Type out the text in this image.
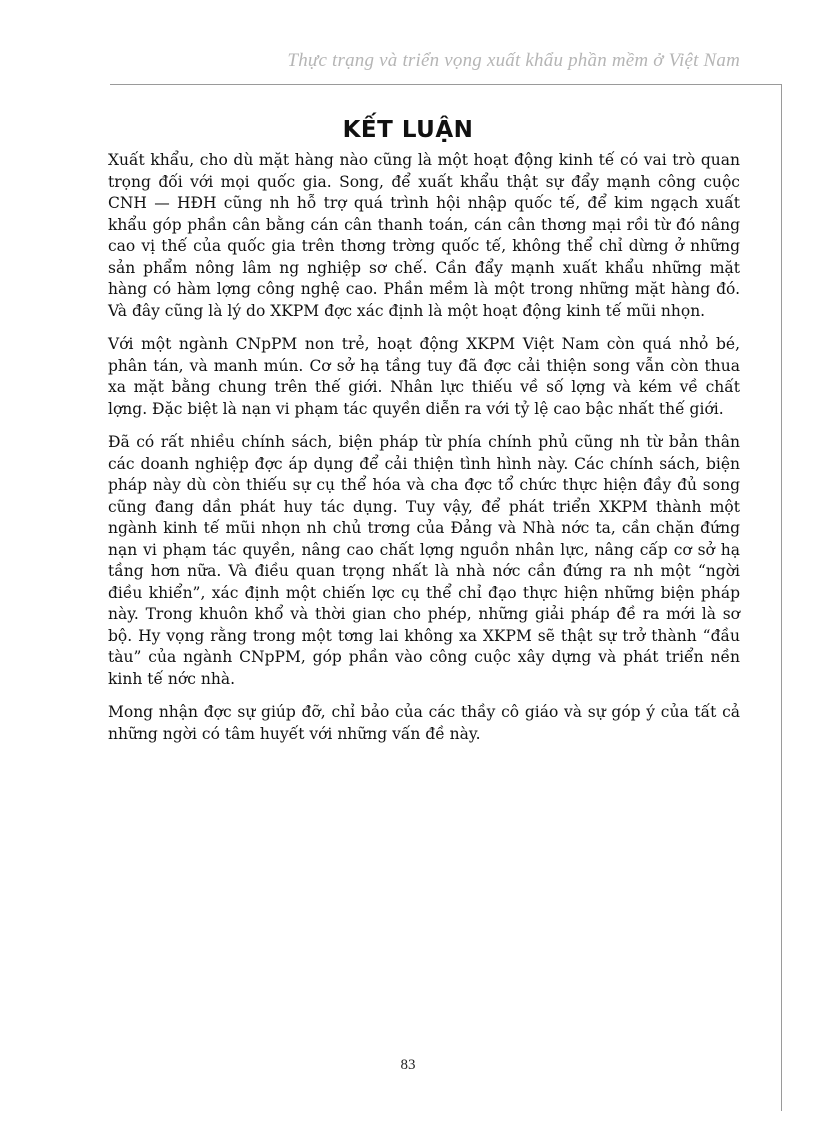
Thực trạng và triển vọng xuất khẩu phần mềm ở Việt Nam
KẾT LUẬN

Xuất khẩu, cho dù mặt hàng nào cũng là một hoạt động kinh tế có vai trò quan trọng đối với mọi quốc gia. Song, để xuất khẩu thật sự đẩy mạnh công cuộc CNH — HĐH cũng nh hỗ trợ quá trình hội nhập quốc tế, để kim ngạch xuất khẩu góp phần cân bằng cán cân thanh toán, cán cân thơng mại rồi từ đó nâng cao vị thế của quốc gia trên thơng trờng quốc tế, không thể chỉ dừng ở những sản phẩm nông lâm ng nghiệp sơ chế. Cần đẩy mạnh xuất khẩu những mặt hàng có hàm lợng công nghệ cao. Phần mềm là một trong những mặt hàng đó. Và đây cũng là lý do XKPM đợc xác định là một hoạt động kinh tế mũi nhọn.

Với một ngành CNpPM non trẻ, hoạt động XKPM Việt Nam còn quá nhỏ bé, phân tán, và manh mún. Cơ sở hạ tầng tuy đã đợc cải thiện song vẫn còn thua xa mặt bằng chung trên thế giới. Nhân lực thiếu về số lợng và kém về chất lợng. Đặc biệt là nạn vi phạm tác quyền diễn ra với tỷ lệ cao bậc nhất thế giới.

Đã có rất nhiều chính sách, biện pháp từ phía chính phủ cũng nh từ bản thân các doanh nghiệp đợc áp dụng để cải thiện tình hình này. Các chính sách, biện pháp này dù còn thiếu sự cụ thể hóa và cha đợc tổ chức thực hiện đầy đủ song cũng đang dần phát huy tác dụng. Tuy vậy, để phát triển XKPM thành một ngành kinh tế mũi nhọn nh chủ trơng của Đảng và Nhà nớc ta, cần chặn đứng nạn vi phạm tác quyền, nâng cao chất lợng nguồn nhân lực, nâng cấp cơ sở hạ tầng hơn nữa. Và điều quan trọng nhất là nhà nớc cần đứng ra nh một “ngời điều khiển”, xác định một chiến lợc cụ thể chỉ đạo thực hiện những biện pháp này. Trong khuôn khổ và thời gian cho phép, những giải pháp đề ra mới là sơ bộ. Hy vọng rằng trong một tơng lai không xa XKPM sẽ thật sự trở thành “đầu tàu” của ngành CNpPM, góp phần vào công cuộc xây dựng và phát triển nền kinh tế nớc nhà.

Mong nhận đợc sự giúp đỡ, chỉ bảo của các thầy cô giáo và sự góp ý của tất cả những ngời có tâm huyết với những vấn đề này.

83
